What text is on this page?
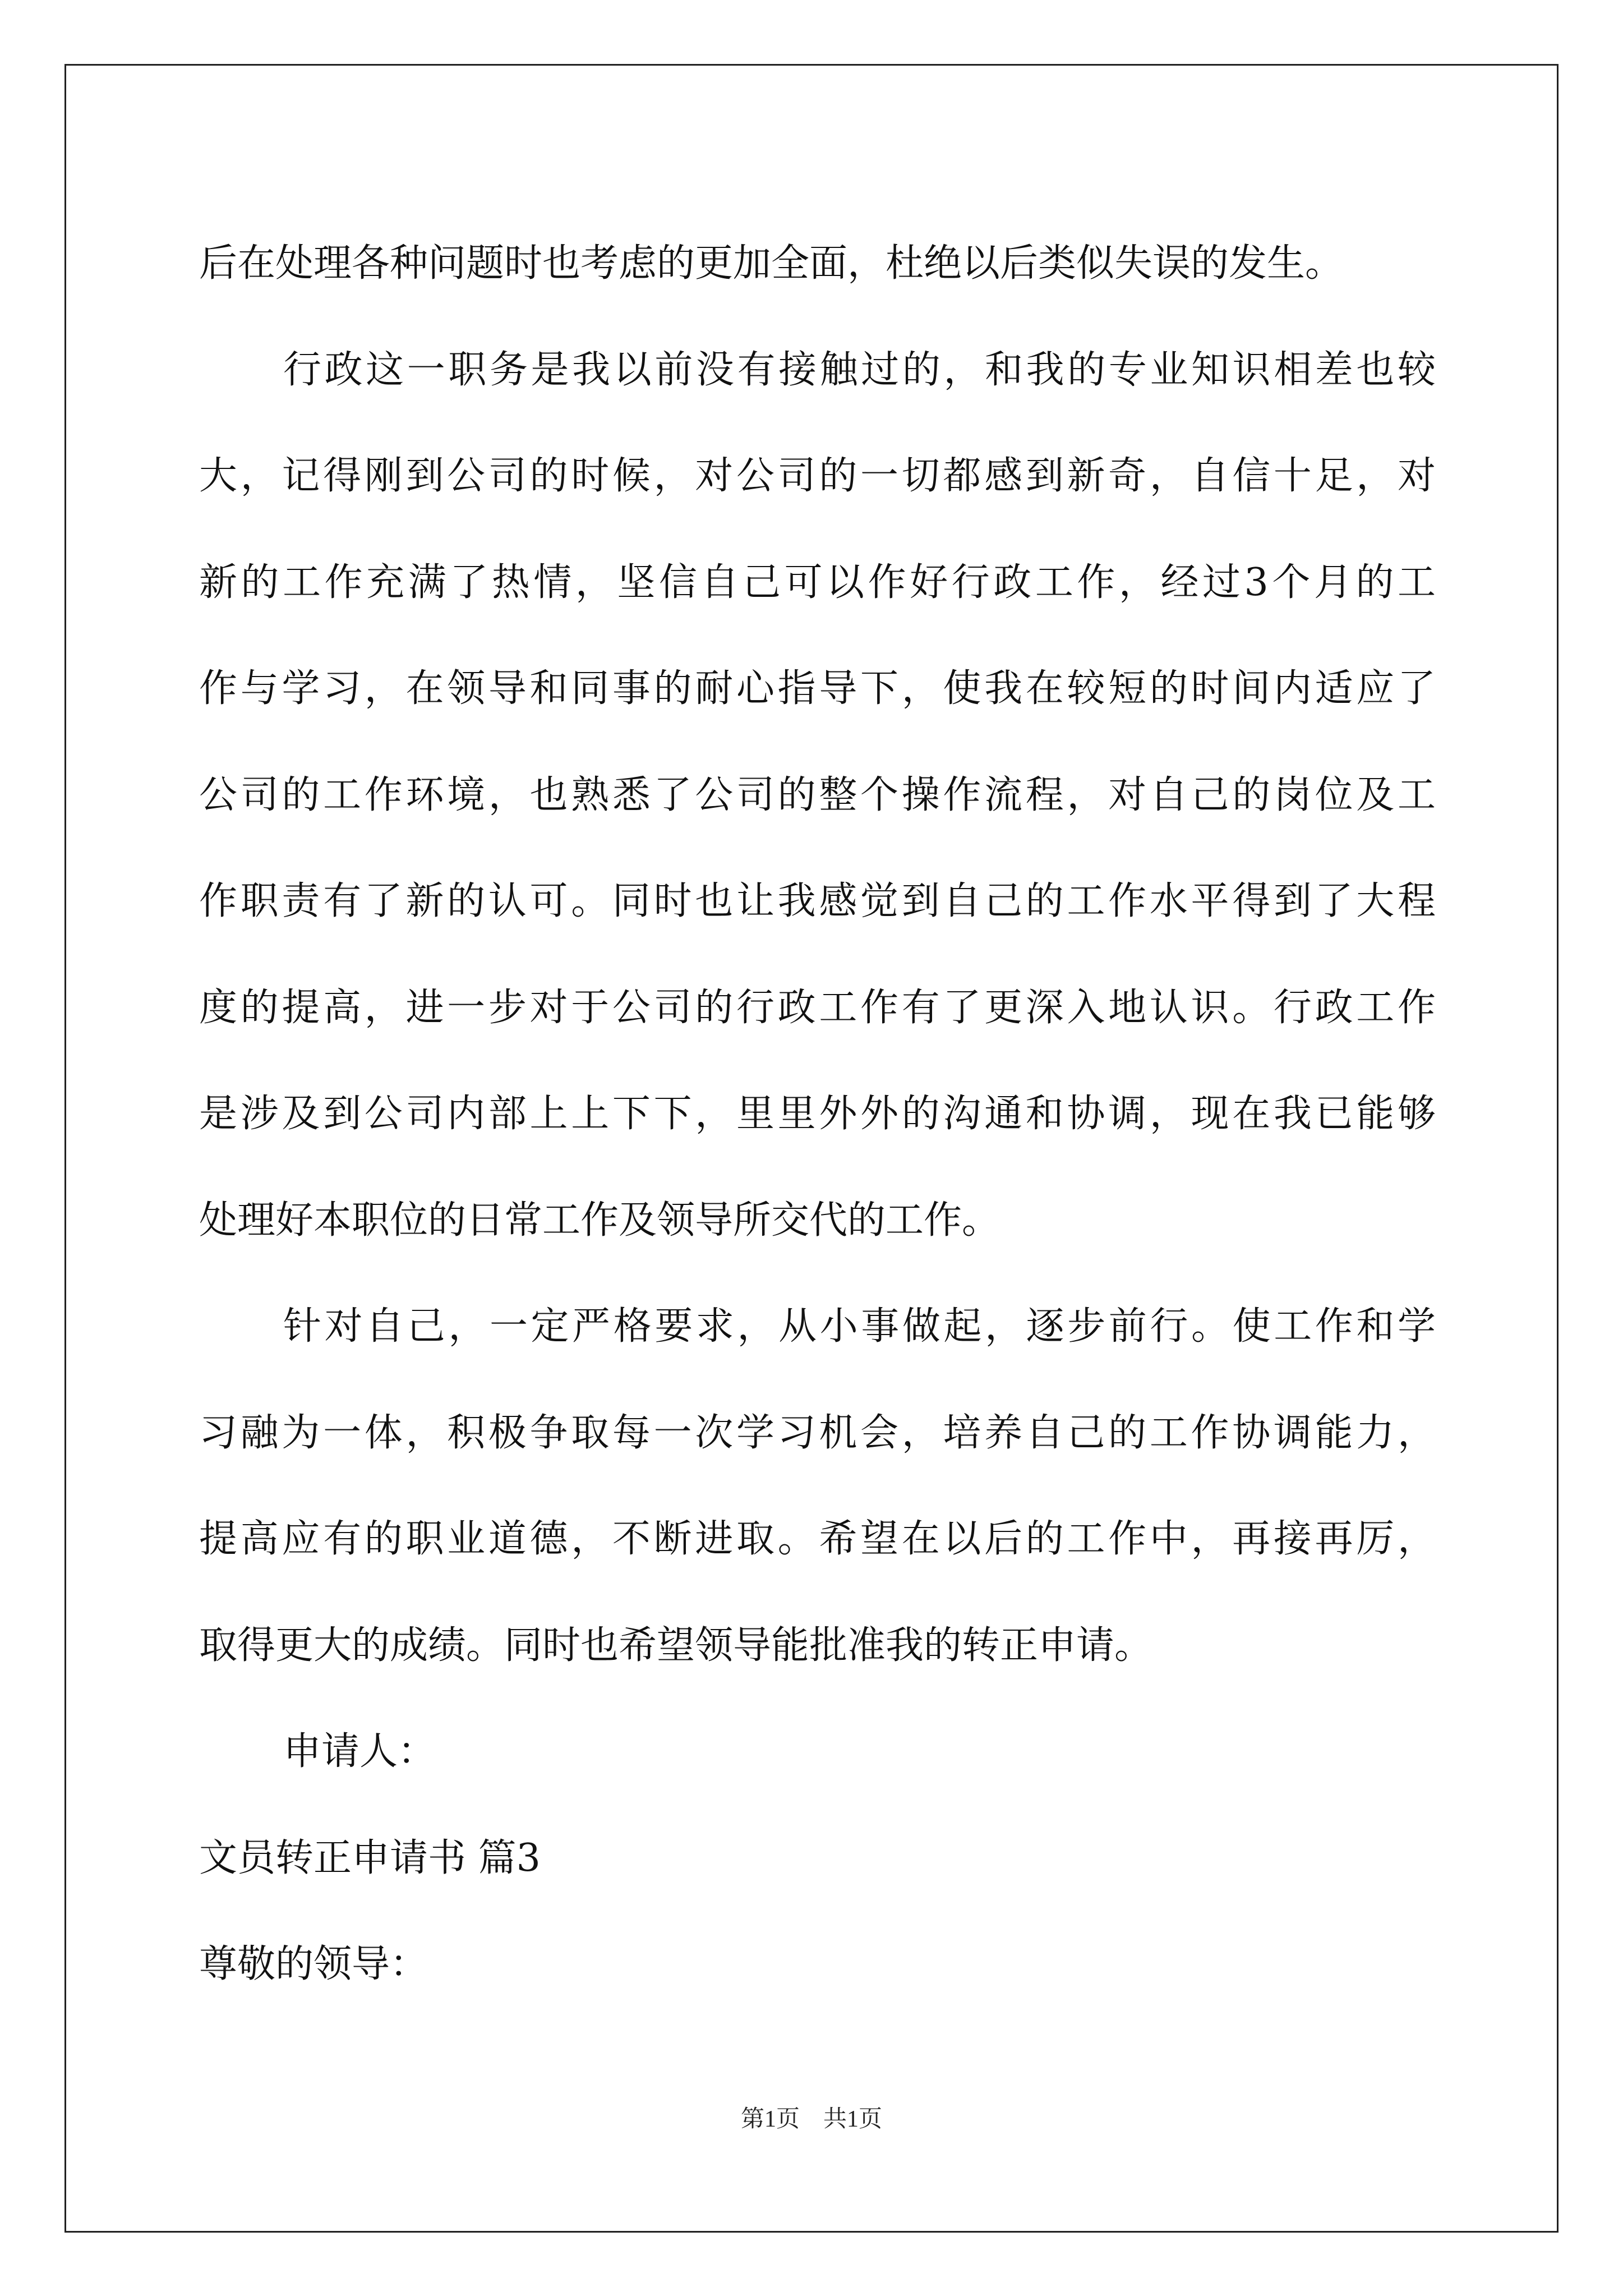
后在处理各种问题时也考虑的更加全面，杜绝以后类似失误的发生。
行政这一职务是我以前没有接触过的，和我的专业知识相差也较
大，记得刚到公司的时候，对公司的一切都感到新奇，自信十足，对
新的工作充满了热情，坚信自己可以作好行政工作，经过3个月的工
作与学习，在领导和同事的耐心指导下，使我在较短的时间内适应了
公司的工作环境，也熟悉了公司的整个操作流程，对自己的岗位及工
作职责有了新的认可。同时也让我感觉到自己的工作水平得到了大程
度的提高，进一步对于公司的行政工作有了更深入地认识。行政工作
是涉及到公司内部上上下下，里里外外的沟通和协调，现在我已能够
处理好本职位的日常工作及领导所交代的工作。
针对自己，一定严格要求，从小事做起，逐步前行。使工作和学
习融为一体，积极争取每一次学习机会，培养自己的工作协调能力，
提高应有的职业道德，不断进取。希望在以后的工作中，再接再厉，
取得更大的成绩。同时也希望领导能批准我的转正申请。
申请人：
文员转正申请书 篇3
尊敬的领导：
第1页　共1页
